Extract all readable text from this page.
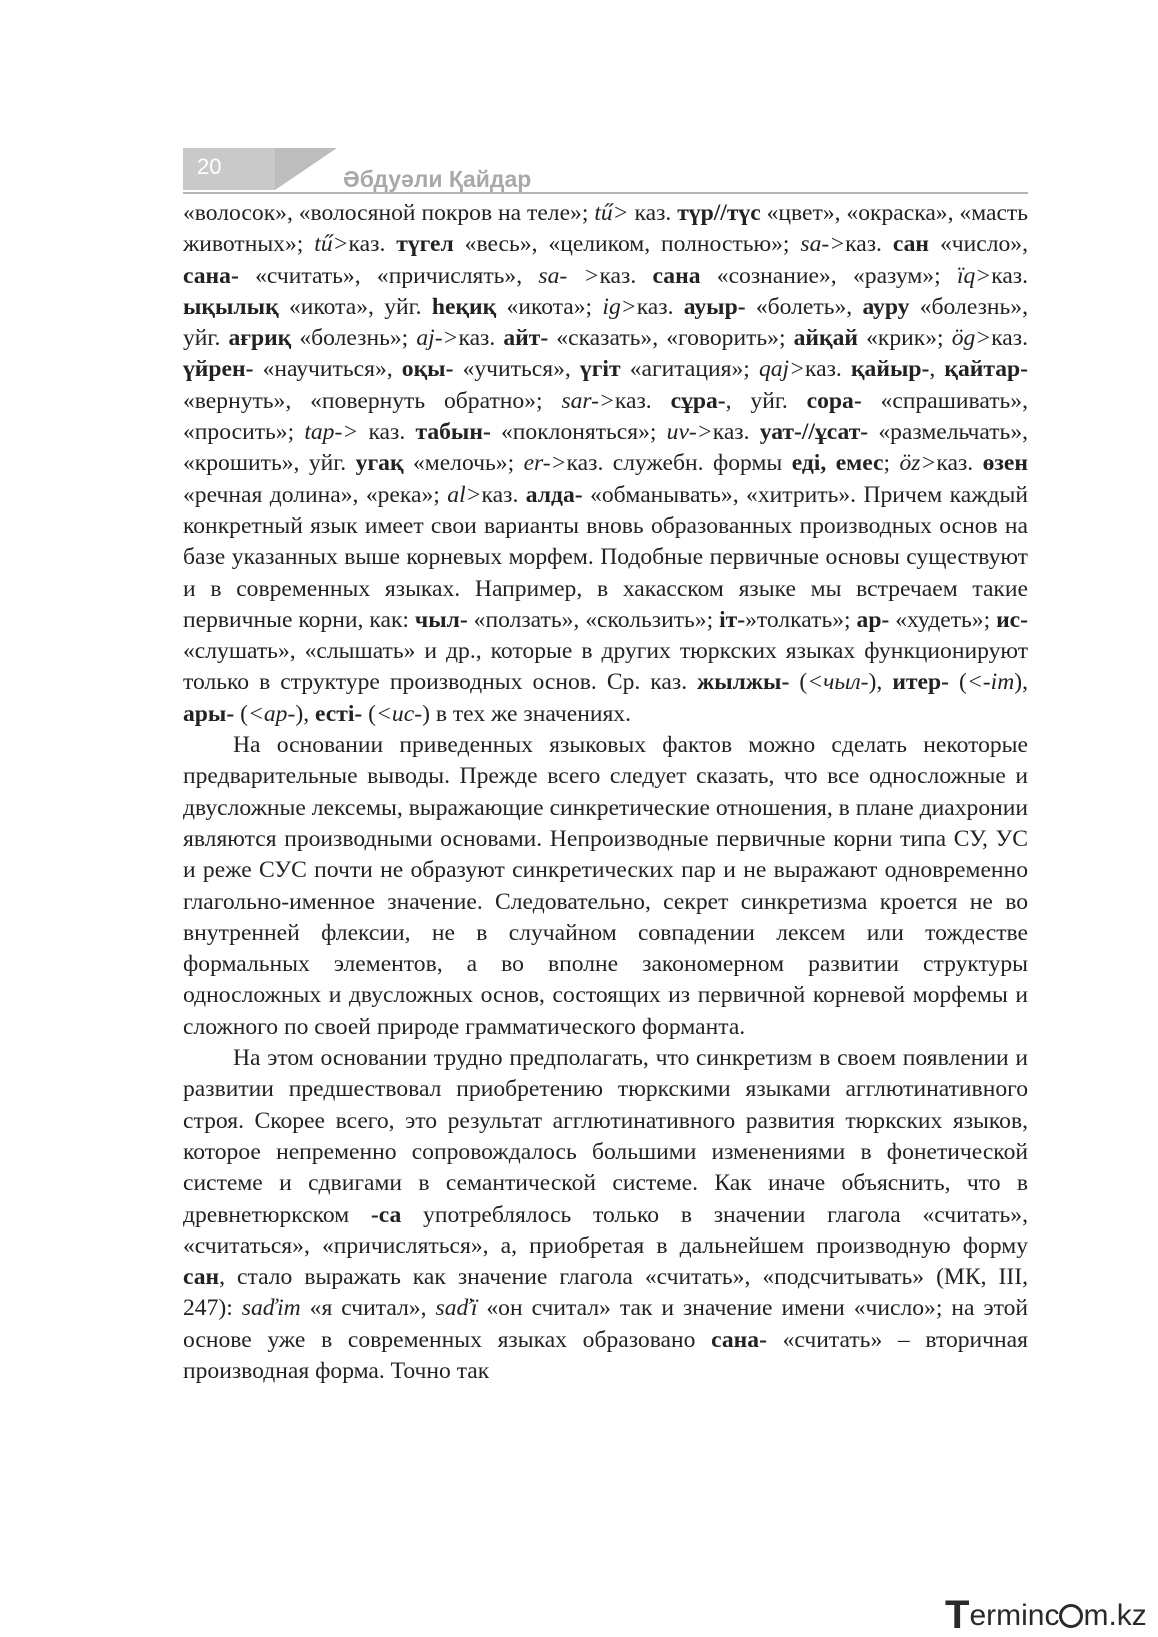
20	Әбдуәли Қайдар

«волосок», «волосяной покров на теле»; tű> каз. түр//түс «цвет», «окраска», «масть животных»; tű>каз. түгел «весь», «целиком, полностью»; sa->каз. сан «число», сана- «считать», «причислять», sa- >каз. сана «сознание», «разум»; ïq>каз. ықылық «икота», уйг. һеқиқ «икота»; ig>каз. ауыр- «болеть», ауру «болезнь», уйг. ағриқ «болезнь»; aj->каз. айт- «сказать», «говорить»; айқай «крик»; ög>каз. үйрен- «научиться», оқы- «учиться», үгіт «агитация»; qaj>каз. қайыр-, қайтар- «вернуть», «повернуть обратно»; sar->каз. сұра-, уйг. сора- «спрашивать», «просить»; tap-> каз. табын- «поклоняться»; uv->каз. уат-//ұсат- «размельчать», «крошить», уйг. угақ «мелочь»; er->каз. служебн. формы еді, емес; öz>каз. өзен «речная долина», «река»; al>каз. алда- «обманывать», «хитрить». Причем каждый конкретный язык имеет свои варианты вновь образованных производных основ на базе указанных выше корневых морфем. Подобные первичные основы существуют и в современных языках. Например, в хакасском языке мы встречаем такие первичные корни, как: чыл- «ползать», «скользить»; іт-»толкать»; ар- «худеть»; ис- «слушать», «слышать» и др., которые в других тюркских языках функционируют только в структуре производных основ. Ср. каз. жылжы- (<чыл-), итер- (<-im), ары- (<ар-), есті- (<ис-) в тех же значениях.

На основании приведенных языковых фактов можно сделать некоторые предварительные выводы. Прежде всего следует сказать, что все односложные и двусложные лексемы, выражающие синкретические отношения, в плане диахронии являются производными основами. Непроизводные первичные корни типа СУ, УС и реже СУС почти не образуют синкретических пар и не выражают одновременно глагольно-именное значение. Следовательно, секрет синкретизма кроется не во внутренней флексии, не в случайном совпадении лексем или тождестве формальных элементов, а во вполне закономерном развитии структуры односложных и двусложных основ, состоящих из первичной корневой морфемы и сложного по своей природе грамматического форманта.

На этом основании трудно предполагать, что синкретизм в своем появлении и развитии предшествовал приобретению тюркскими языками агглютинативного строя. Скорее всего, это результат агглютинативного развития тюркских языков, которое непременно сопровождалось большими изменениями в фонетической системе и сдвигами в семантической системе. Как иначе объяснить, что в древнетюркском -са употреблялось только в значении глагола «считать», «считаться», «причисляться», а, приобретая в дальнейшем производную форму сан, стало выражать как значение глагола «считать», «подсчитывать» (МК, III, 247): saďim «я считал», saďї «он считал» так и значение имени «число»; на этой основе уже в современных языках образовано сана- «считать» – вторичная производная форма. Точно так

Terminc m.kz
